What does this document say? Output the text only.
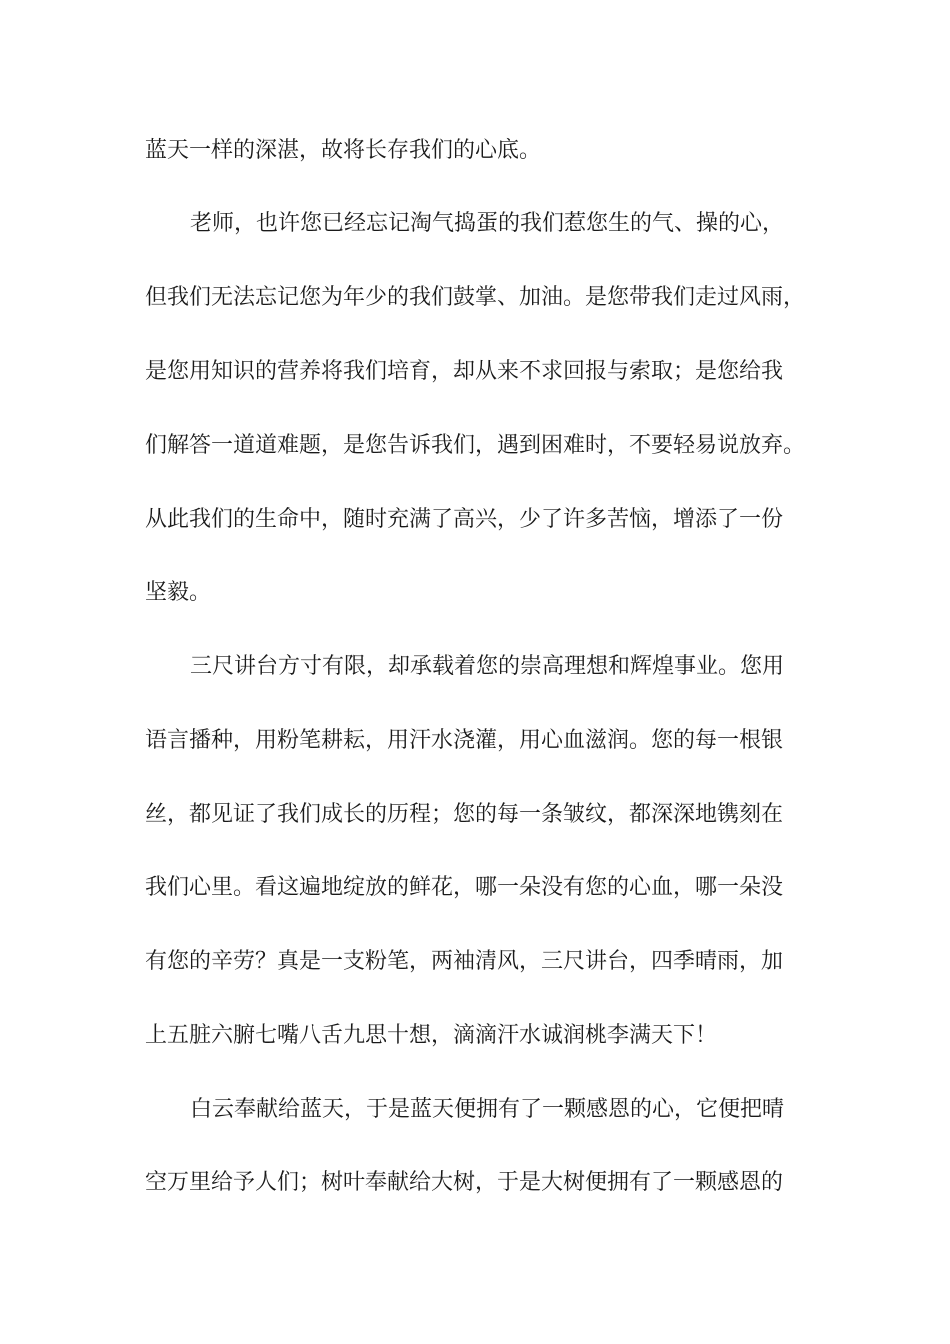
蓝天一样的深湛，故将长存我们的心底。
老师，也许您已经忘记淘气捣蛋的我们惹您生的气、操的心，
但我们无法忘记您为年少的我们鼓掌、加油。是您带我们走过风雨，
是您用知识的营养将我们培育，却从来不求回报与索取；是您给我
们解答一道道难题，是您告诉我们，遇到困难时，不要轻易说放弃。
从此我们的生命中，随时充满了高兴，少了许多苦恼，增添了一份
坚毅。
三尺讲台方寸有限，却承载着您的崇高理想和辉煌事业。您用
语言播种，用粉笔耕耘，用汗水浇灌，用心血滋润。您的每一根银
丝，都见证了我们成长的历程；您的每一条皱纹，都深深地镌刻在
我们心里。看这遍地绽放的鲜花，哪一朵没有您的心血，哪一朵没
有您的辛劳？真是一支粉笔，两袖清风，三尺讲台，四季晴雨，加
上五脏六腑七嘴八舌九思十想，滴滴汗水诚润桃李满天下！
白云奉献给蓝天，于是蓝天便拥有了一颗感恩的心，它便把晴
空万里给予人们；树叶奉献给大树，于是大树便拥有了一颗感恩的
